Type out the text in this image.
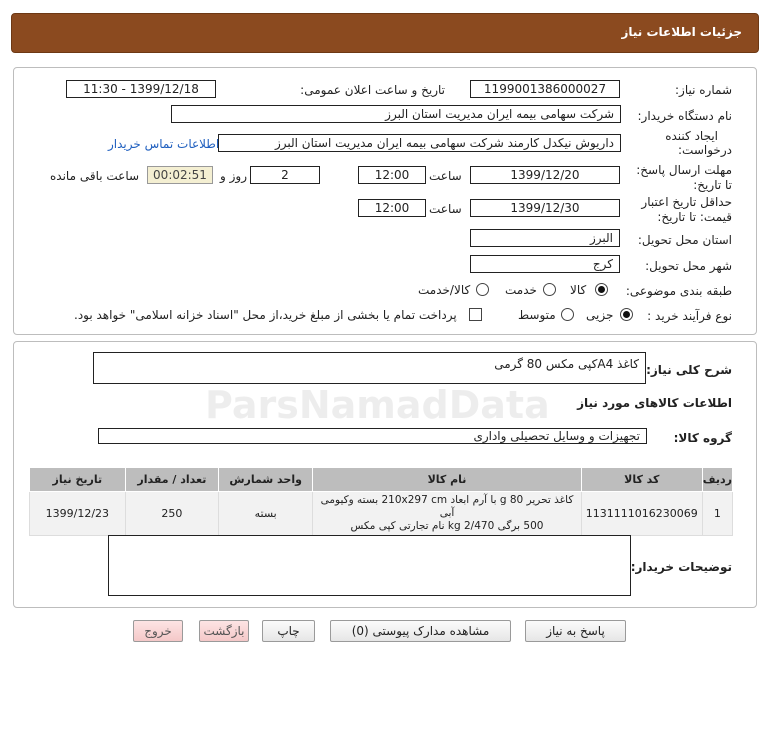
جزئیات اطلاعات نیاز
شماره نیاز:
1199001386000027
تاریخ و ساعت اعلان عمومی:
1399/12/18 - 11:30
نام دستگاه خریدار:
شرکت سهامی بیمه ایران مدیریت استان البرز
ایجاد کننده
درخواست:
داریوش نیکدل کارمند شرکت سهامی بیمه ایران مدیریت استان البرز
اطلاعات تماس خریدار
مهلت ارسال پاسخ:
تا تاریخ:
1399/12/20
ساعت
12:00
2
روز و
00:02:51
ساعت باقی مانده
حداقل تاریخ اعتبار
قیمت: تا تاریخ:
1399/12/30
ساعت
12:00
استان محل تحویل:
البرز
شهر محل تحویل:
کرج
طبقه بندی موضوعی:
کالا
خدمت
کالا/خدمت
نوع فرآیند خرید :
جزیی
متوسط
پرداخت تمام یا بخشی از مبلغ خرید،از محل "اسناد خزانه اسلامی" خواهد بود.
شرح کلی نیاز:
کاغذ A4کپی مکس 80 گرمی
اطلاعات کالاهای مورد نیاز
گروه کالا:
تجهیزات و وسایل تحصیلی واداری
ردیف	کد کالا	نام کالا	واحد شمارش	تعداد / مقدار	تاریخ نیاز
1	1131111016230069	کاغذ تحریر 80 g با آرم ابعاد 210x297 cm بسته وکیومی آبی
500 برگی 2/470 kg نام تجارتی کپی مکس	بسته	250	1399/12/23
توضیحات خریدار:
پاسخ به نیاز
مشاهده مدارک پیوستی (0)
چاپ
بازگشت
خروج
